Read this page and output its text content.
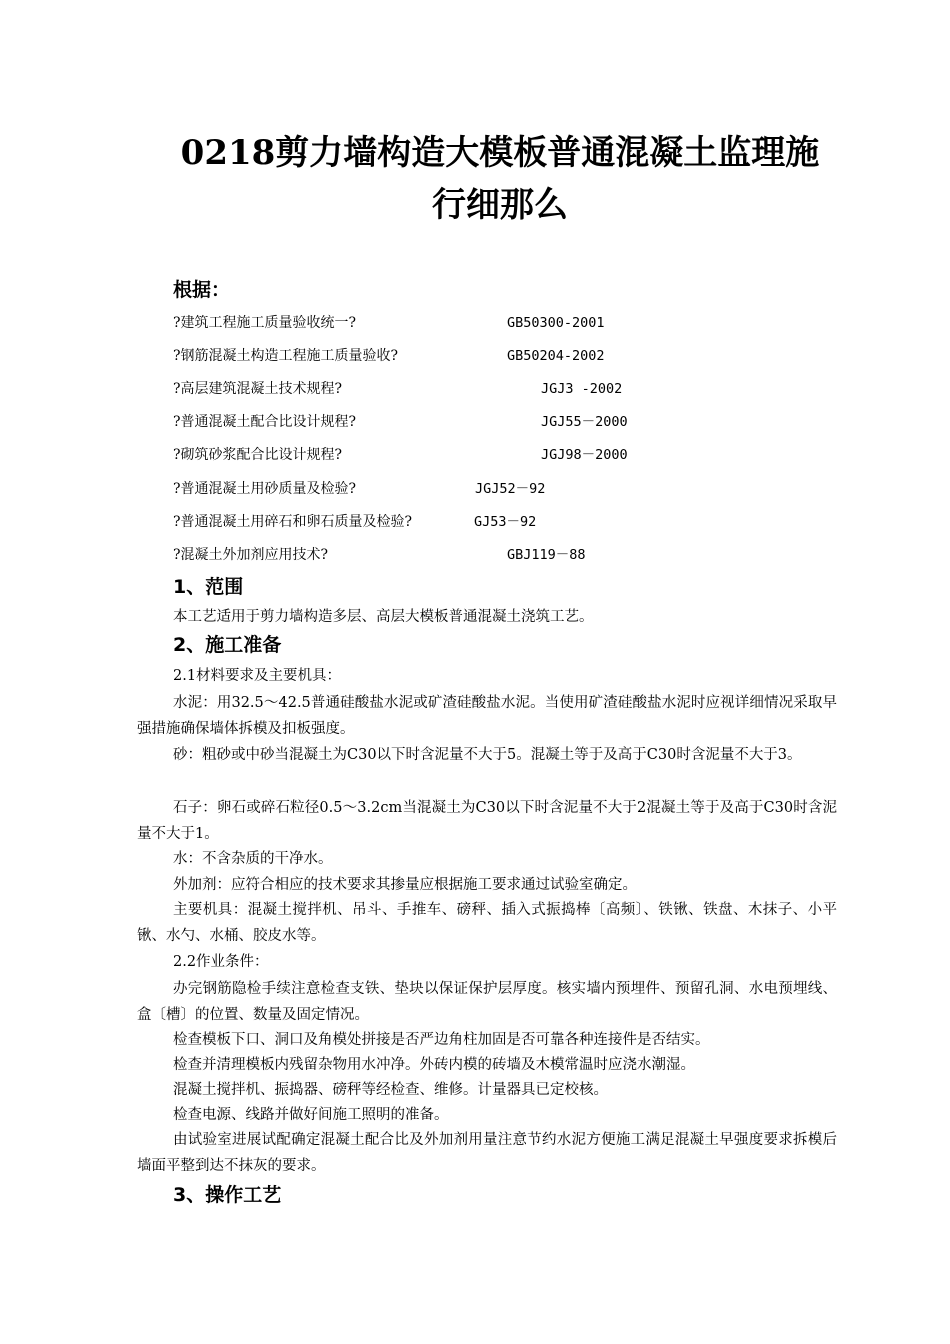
0218剪力墙构造大模板普通混凝土监理施
行细那么
根据：
?建筑工程施工质量验收统一?	GB50300-2001
?钢筋混凝土构造工程施工质量验收?	GB50204-2002
?高层建筑混凝土技术规程?	JGJ3 -2002
?普通混凝土配合比设计规程?	JGJ55－2000
?砌筑砂浆配合比设计规程?	JGJ98－2000
?普通混凝土用砂质量及检验?	JGJ52－92
?普通混凝土用碎石和卵石质量及检验?	GJ53－92
?混凝土外加剂应用技术?	GBJ119－88
1、范围
本工艺适用于剪力墙构造多层、高层大模板普通混凝土浇筑工艺。
2、施工准备
2.1材料要求及主要机具：
水泥：用32.5～42.5普通硅酸盐水泥或矿渣硅酸盐水泥。当使用矿渣硅酸盐水泥时应视详细情况采取早强措施确保墙体拆模及扣板强度。
砂：粗砂或中砂当混凝土为C30以下时含泥量不大于5。混凝土等于及高于C30时含泥量不大于3。
石子：卵石或碎石粒径0.5～3.2cm当混凝土为C30以下时含泥量不大于2混凝土等于及高于C30时含泥量不大于1。
水：不含杂质的干净水。
外加剂：应符合相应的技术要求其掺量应根据施工要求通过试验室确定。
主要机具：混凝土搅拌机、吊斗、手推车、磅秤、插入式振捣棒〔高频〕、铁锹、铁盘、木抹子、小平锹、水勺、水桶、胶皮水等。
2.2作业条件：
办完钢筋隐检手续注意检查支铁、垫块以保证保护层厚度。核实墙内预埋件、预留孔洞、水电预埋线、盒〔槽〕的位置、数量及固定情况。
检查模板下口、洞口及角模处拼接是否严边角柱加固是否可靠各种连接件是否结实。
检查并清理模板内残留杂物用水冲净。外砖内模的砖墙及木模常温时应浇水潮湿。
混凝土搅拌机、振捣器、磅秤等经检查、维修。计量器具已定校核。
检查电源、线路并做好间施工照明的准备。
由试验室进展试配确定混凝土配合比及外加剂用量注意节约水泥方便施工满足混凝土早强度要求拆模后墙面平整到达不抹灰的要求。
3、操作工艺
